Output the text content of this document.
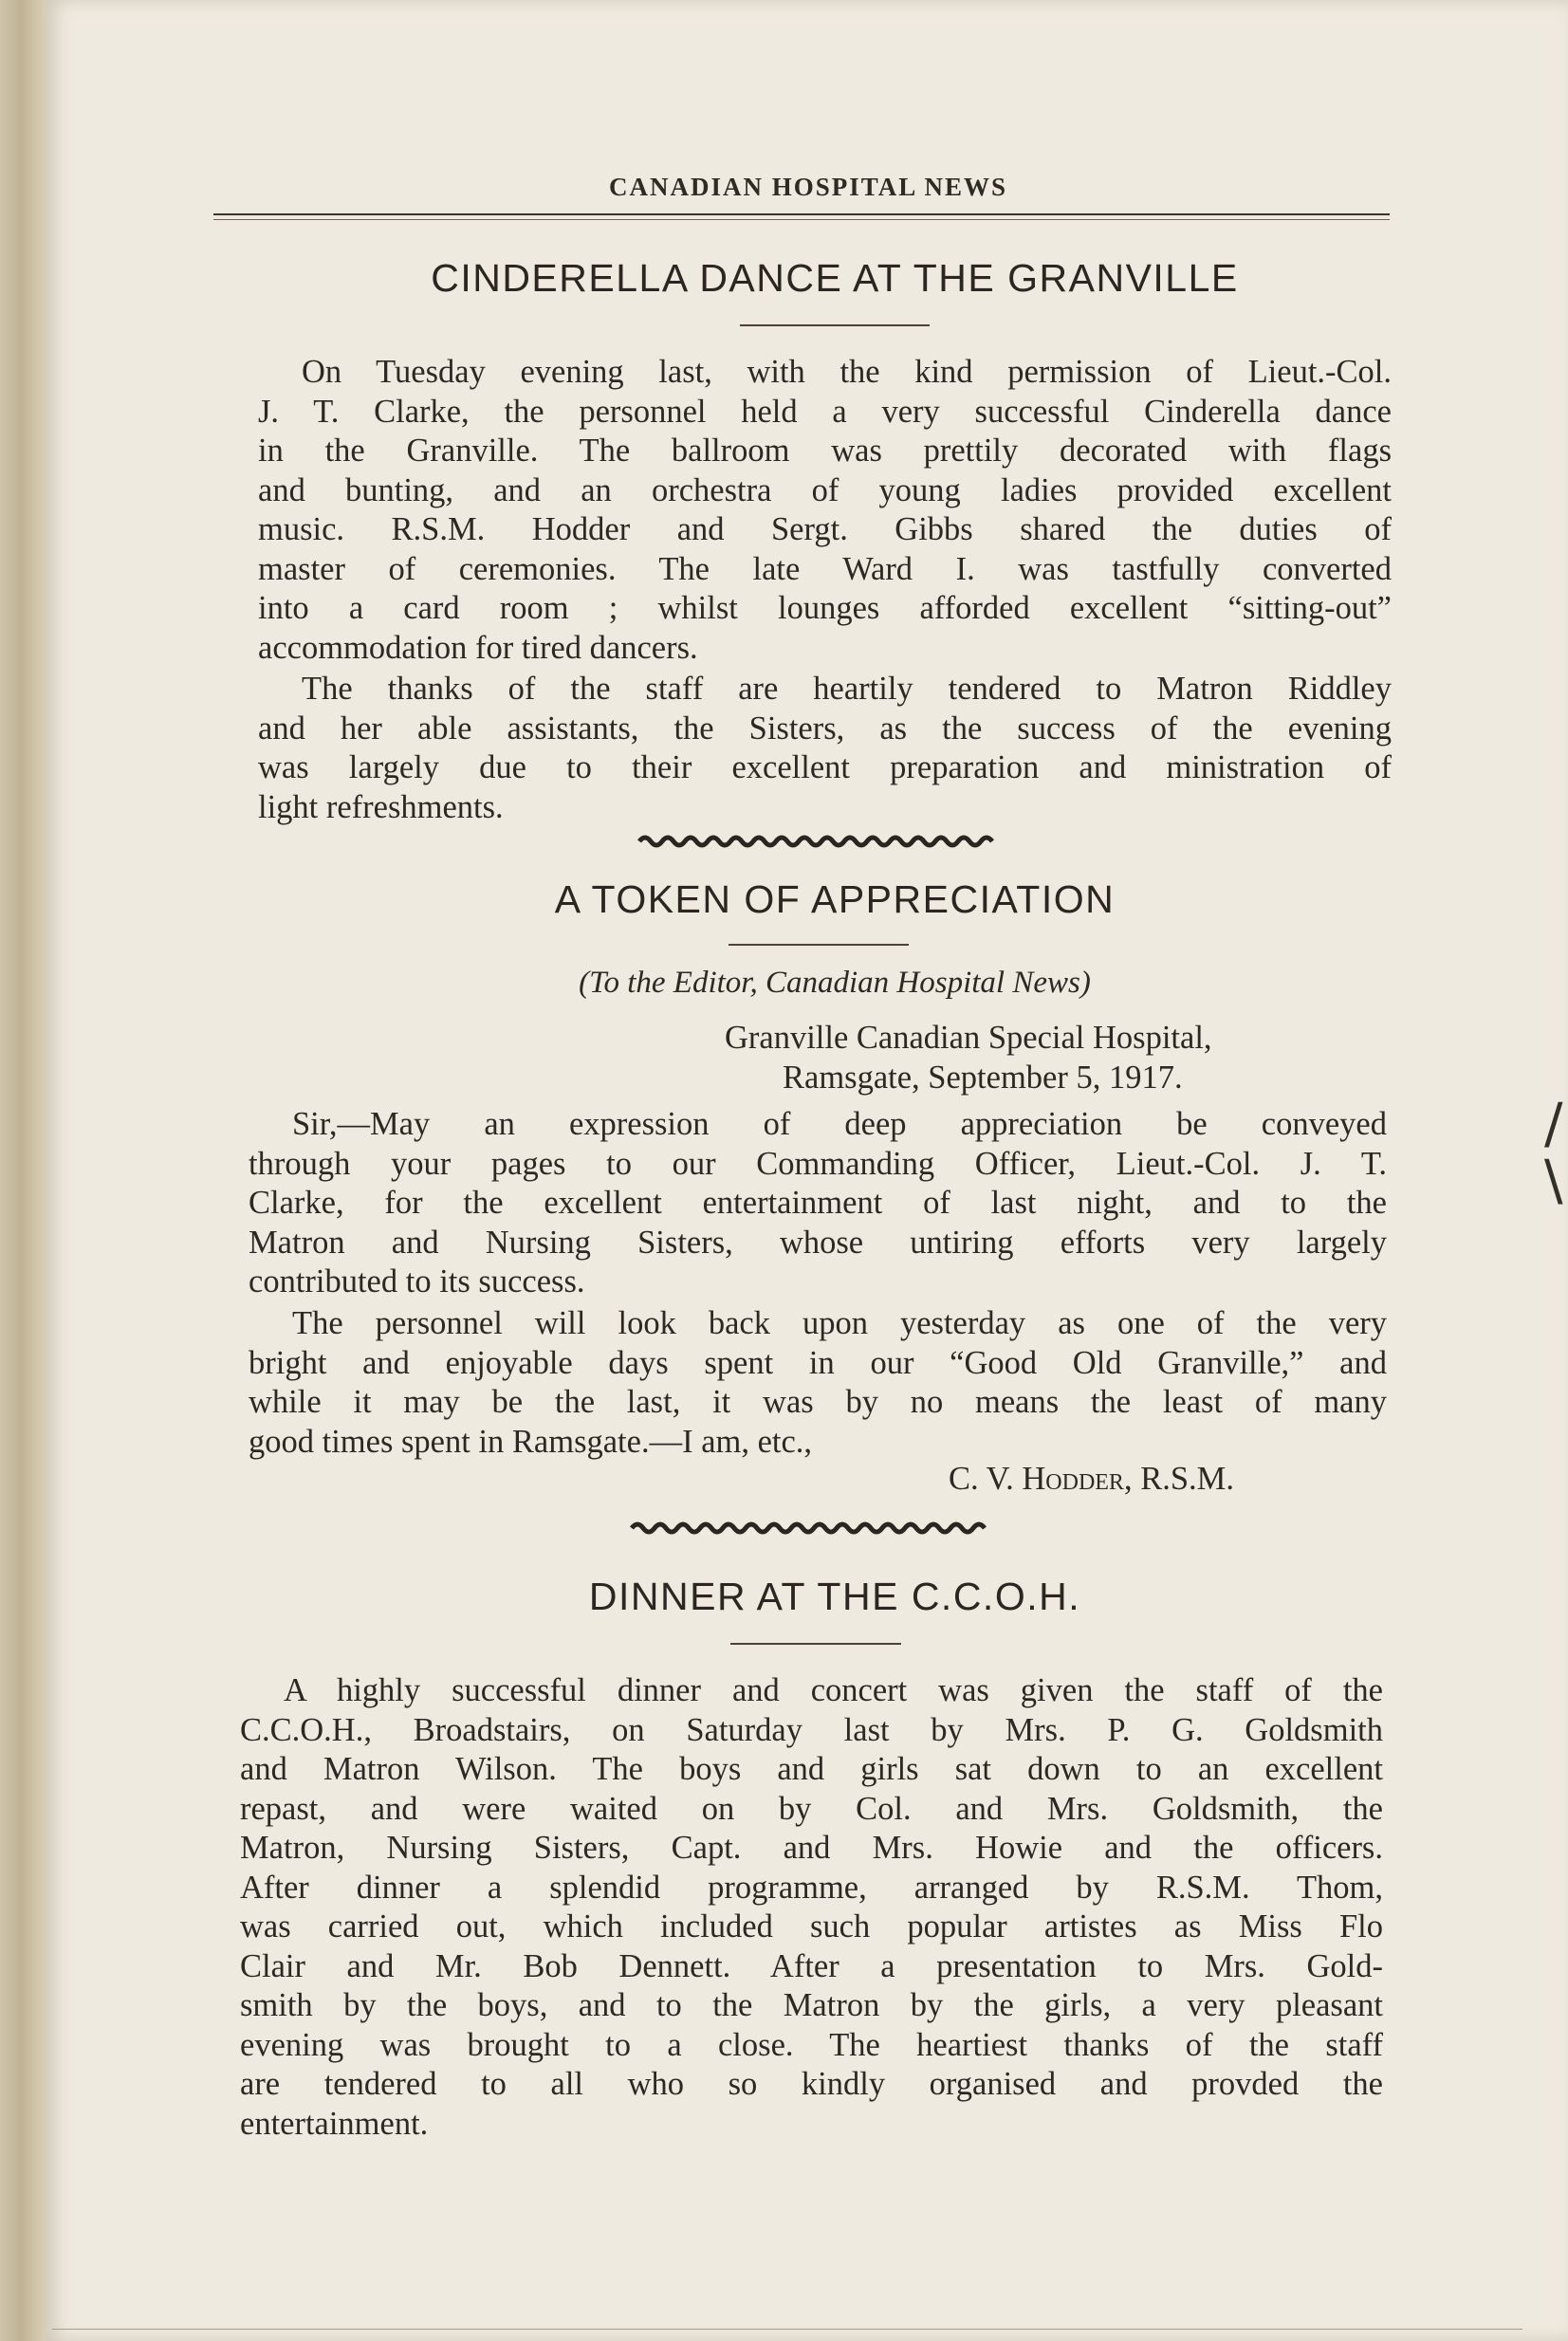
CANADIAN HOSPITAL NEWS
CINDERELLA DANCE AT THE GRANVILLE
On Tuesday evening last, with the kind permission of Lieut.-Col.
J. T. Clarke, the personnel held a very successful Cinderella dance
in the Granville. The ballroom was prettily decorated with flags
and bunting, and an orchestra of young ladies provided excellent
music. R.S.M. Hodder and Sergt. Gibbs shared the duties of
master of ceremonies. The late Ward I. was tastfully converted
into a card room ; whilst lounges afforded excellent “sitting-out”
accommodation for tired dancers.
The thanks of the staff are heartily tendered to Matron Riddley
and her able assistants, the Sisters, as the success of the evening
was largely due to their excellent preparation and ministration of
light refreshments.
A TOKEN OF APPRECIATION
(To the Editor, Canadian Hospital News)
Granville Canadian Special Hospital,
Ramsgate, September 5, 1917.
Sir,—May an expression of deep appreciation be conveyed
through your pages to our Commanding Officer, Lieut.-Col. J. T.
Clarke, for the excellent entertainment of last night, and to the
Matron and Nursing Sisters, whose untiring efforts very largely
contributed to its success.
The personnel will look back upon yesterday as one of the very
bright and enjoyable days spent in our “Good Old Granville,” and
while it may be the last, it was by no means the least of many
good times spent in Ramsgate.—I am, etc.,
C. V. Hodder, R.S.M.
DINNER AT THE C.C.O.H.
A highly successful dinner and concert was given the staff of the
C.C.O.H., Broadstairs, on Saturday last by Mrs. P. G. Goldsmith
and Matron Wilson. The boys and girls sat down to an excellent
repast, and were waited on by Col. and Mrs. Goldsmith, the
Matron, Nursing Sisters, Capt. and Mrs. Howie and the officers.
After dinner a splendid programme, arranged by R.S.M. Thom,
was carried out, which included such popular artistes as Miss Flo
Clair and Mr. Bob Dennett. After a presentation to Mrs. Gold-
smith by the boys, and to the Matron by the girls, a very pleasant
evening was brought to a close. The heartiest thanks of the staff
are tendered to all who so kindly organised and provded the
entertainment.
/
\
